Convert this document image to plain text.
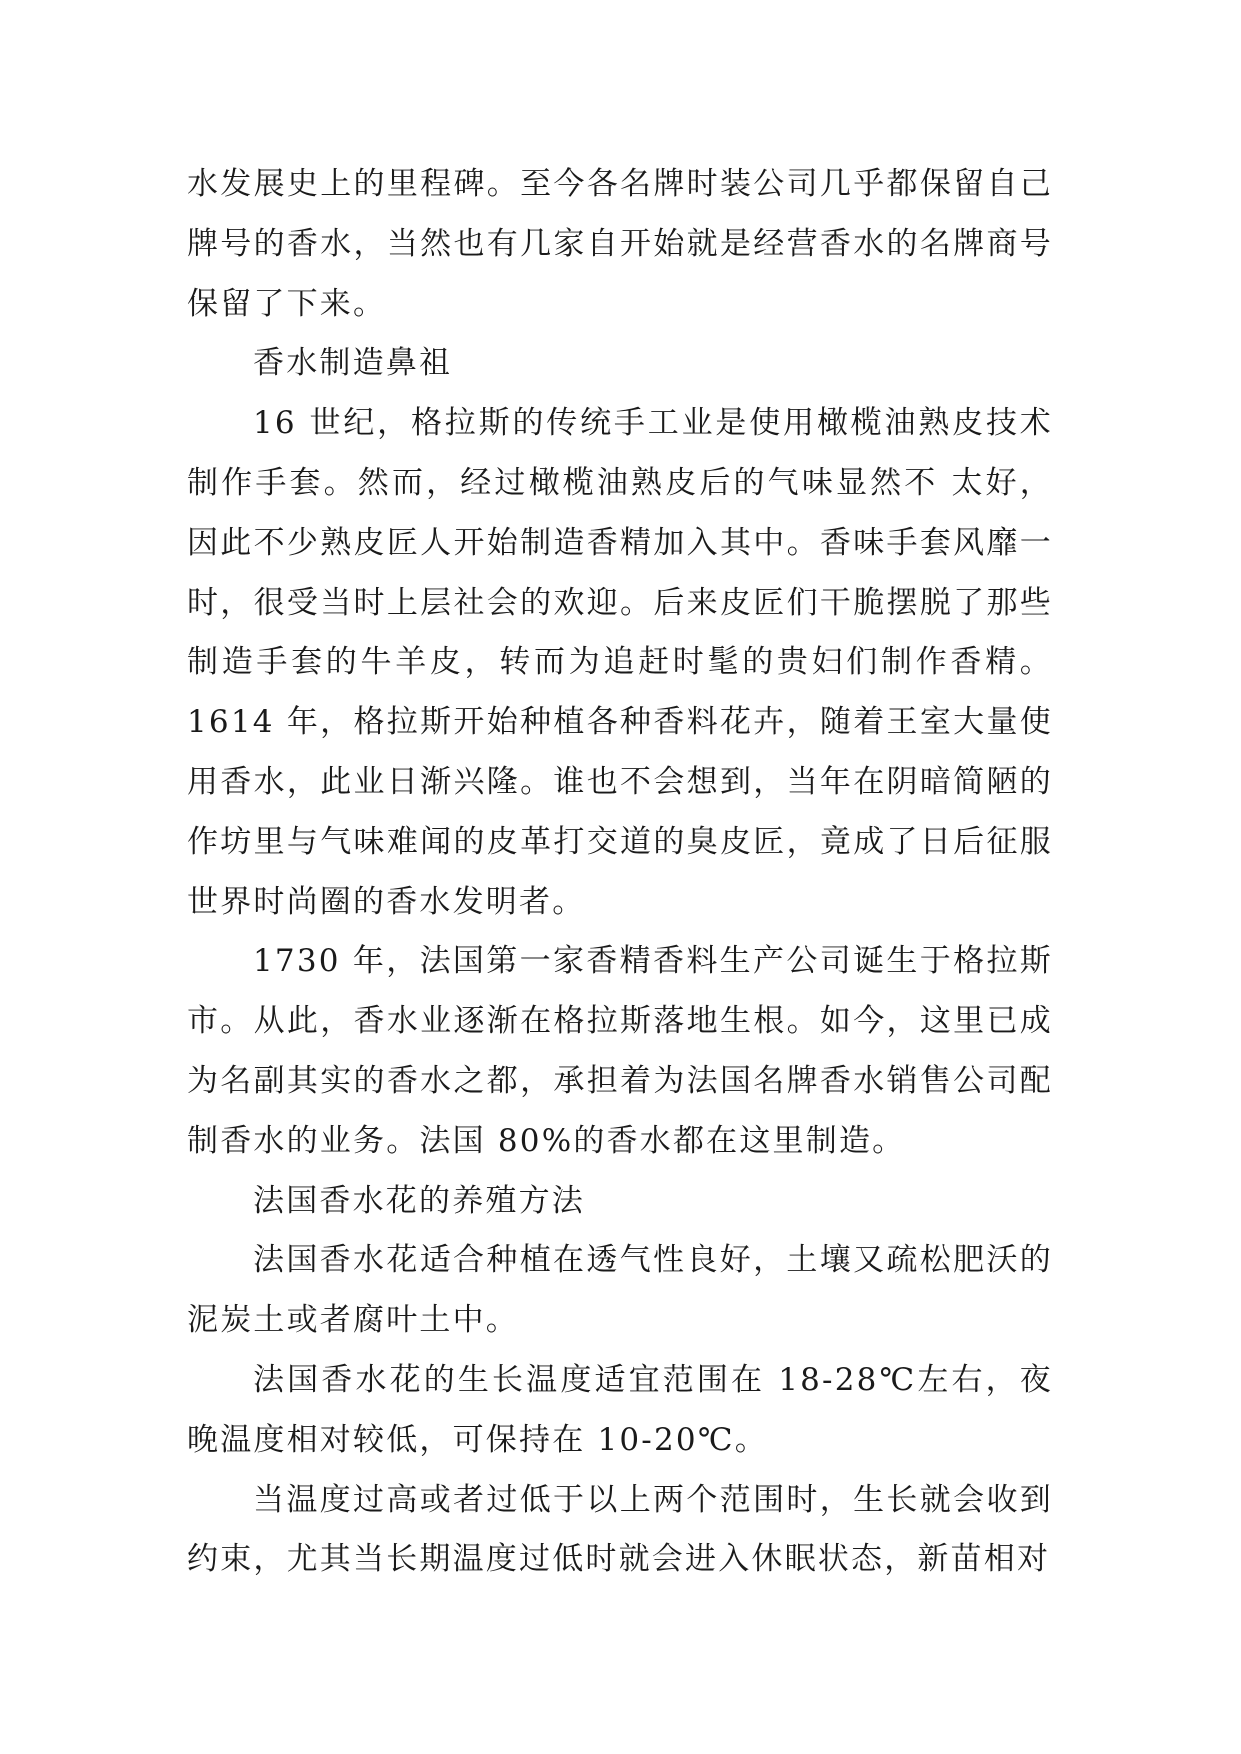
水发展史上的里程碑。至今各名牌时装公司几乎都保留自己牌号的香水，当然也有几家自开始就是经营香水的名牌商号保留了下来。

香水制造鼻祖

16 世纪，格拉斯的传统手工业是使用橄榄油熟皮技术制作手套。然而，经过橄榄油熟皮后的气味显然不 太好，因此不少熟皮匠人开始制造香精加入其中。香味手套风靡一时，很受当时上层社会的欢迎。后来皮匠们干脆摆脱了那些制造手套的牛羊皮，转而为追赶时髦的贵妇们制作香精。1614 年，格拉斯开始种植各种香料花卉，随着王室大量使用香水，此业日渐兴隆。谁也不会想到，当年在阴暗简陋的作坊里与气味难闻的皮革打交道的臭皮匠，竟成了日后征服世界时尚圈的香水发明者。

1730 年，法国第一家香精香料生产公司诞生于格拉斯市。从此，香水业逐渐在格拉斯落地生根。如今，这里已成为名副其实的香水之都，承担着为法国名牌香水销售公司配制香水的业务。法国 80%的香水都在这里制造。

法国香水花的养殖方法

法国香水花适合种植在透气性良好，土壤又疏松肥沃的泥炭土或者腐叶土中。

法国香水花的生长温度适宜范围在 18-28℃左右，夜晚温度相对较低，可保持在 10-20℃。

当温度过高或者过低于以上两个范围时，生长就会收到约束，尤其当长期温度过低时就会进入休眠状态，新苗相对
